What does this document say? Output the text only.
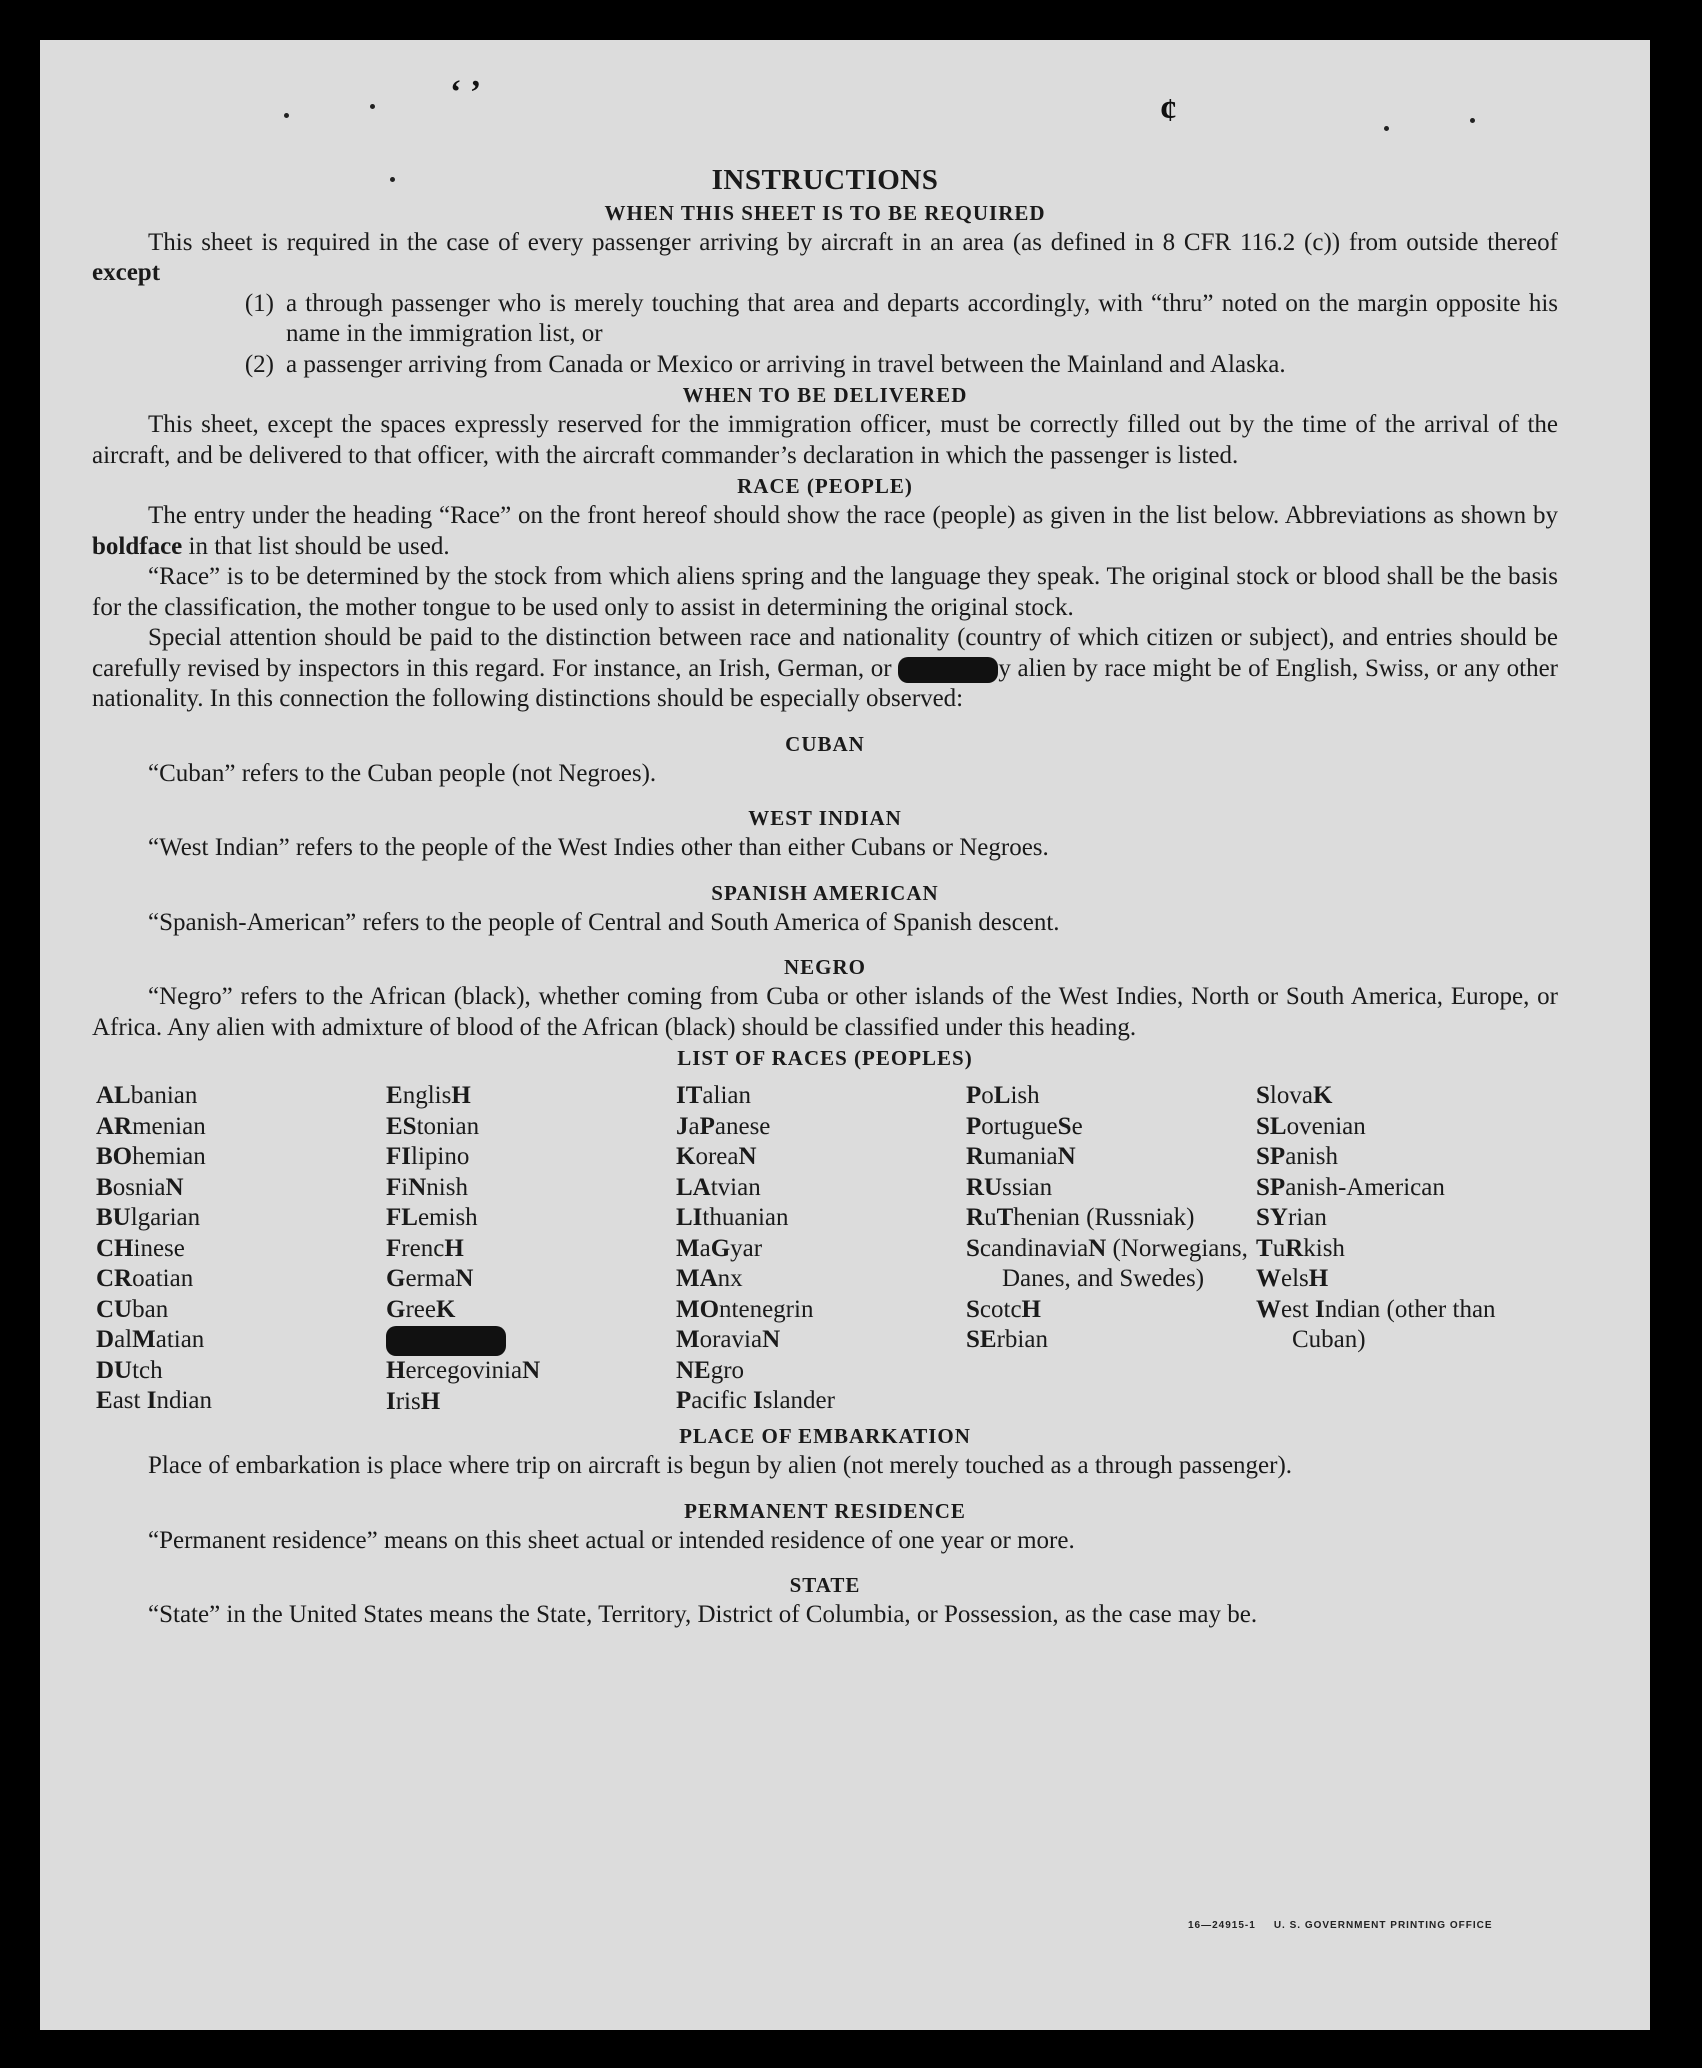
‘ ’	¢
INSTRUCTIONS
WHEN THIS SHEET IS TO BE REQUIRED

This sheet is required in the case of every passenger arriving by aircraft in an area (as defined in 8 CFR 116.2 (c)) from outside thereof except

(1) a through passenger who is merely touching that area and departs accordingly, with “thru” noted on the margin opposite his name in the immigration list, or
(2) a passenger arriving from Canada or Mexico or arriving in travel between the Mainland and Alaska.
WHEN TO BE DELIVERED

This sheet, except the spaces expressly reserved for the immigration officer, must be correctly filled out by the time of the arrival of the aircraft, and be delivered to that officer, with the aircraft commander’s declaration in which the passenger is listed.

RACE (PEOPLE)

The entry under the heading “Race” on the front hereof should show the race (people) as given in the list below. Abbreviations as shown by boldface in that list should be used.

“Race” is to be determined by the stock from which aliens spring and the language they speak. The original stock or blood shall be the basis for the classification, the mother tongue to be used only to assist in determining the original stock.

Special attention should be paid to the distinction between race and nationality (country of which citizen or subject), and entries should be carefully revised by inspectors in this regard. For instance, an Irish, German, or	y alien by race might be of English, Swiss, or any other nationality. In this connection the following distinctions should be especially observed:

CUBAN

“Cuban” refers to the Cuban people (not Negroes).

WEST INDIAN

“West Indian” refers to the people of the West Indies other than either Cubans or Negroes.

SPANISH AMERICAN

“Spanish-American” refers to the people of Central and South America of Spanish descent.

NEGRO

“Negro” refers to the African (black), whether coming from Cuba or other islands of the West Indies, North or South America, Europe, or Africa. Any alien with admixture of blood of the African (black) should be classified under this heading.

LIST OF RACES (PEOPLES)
ALbanian
ARmenian
BOhemian
BosniaN
BUlgarian
CHinese
CRoatian
CUban
DalMatian
DUtch
East Indian
EnglisH
EStonian
FIlipino
FiNnish
FLemish
FrencH
GermaN
GreeK
HercegoviniaN
IrisH
ITalian
JaPanese
KoreaN
LAtvian
LIthuanian
MaGyar
MAnx
MOntenegrin
MoraviaN
NEgro
Pacific Islander
PoLish
PortugueSe
RumaniaN
RUssian
RuThenian (Russniak)
ScandinaviaN (Norwegians, Danes, and Swedes)
ScotcH
SErbian
SlovaK
SLovenian
SPanish
SPanish-American
SYrian
TuRkish
WelsH
West Indian (other than Cuban)
PLACE OF EMBARKATION

Place of embarkation is place where trip on aircraft is begun by alien (not merely touched as a through passenger).

PERMANENT RESIDENCE

“Permanent residence” means on this sheet actual or intended residence of one year or more.

STATE

“State” in the United States means the State, Territory, District of Columbia, or Possession, as the case may be.

16—24915-1 U. S. GOVERNMENT PRINTING OFFICE
